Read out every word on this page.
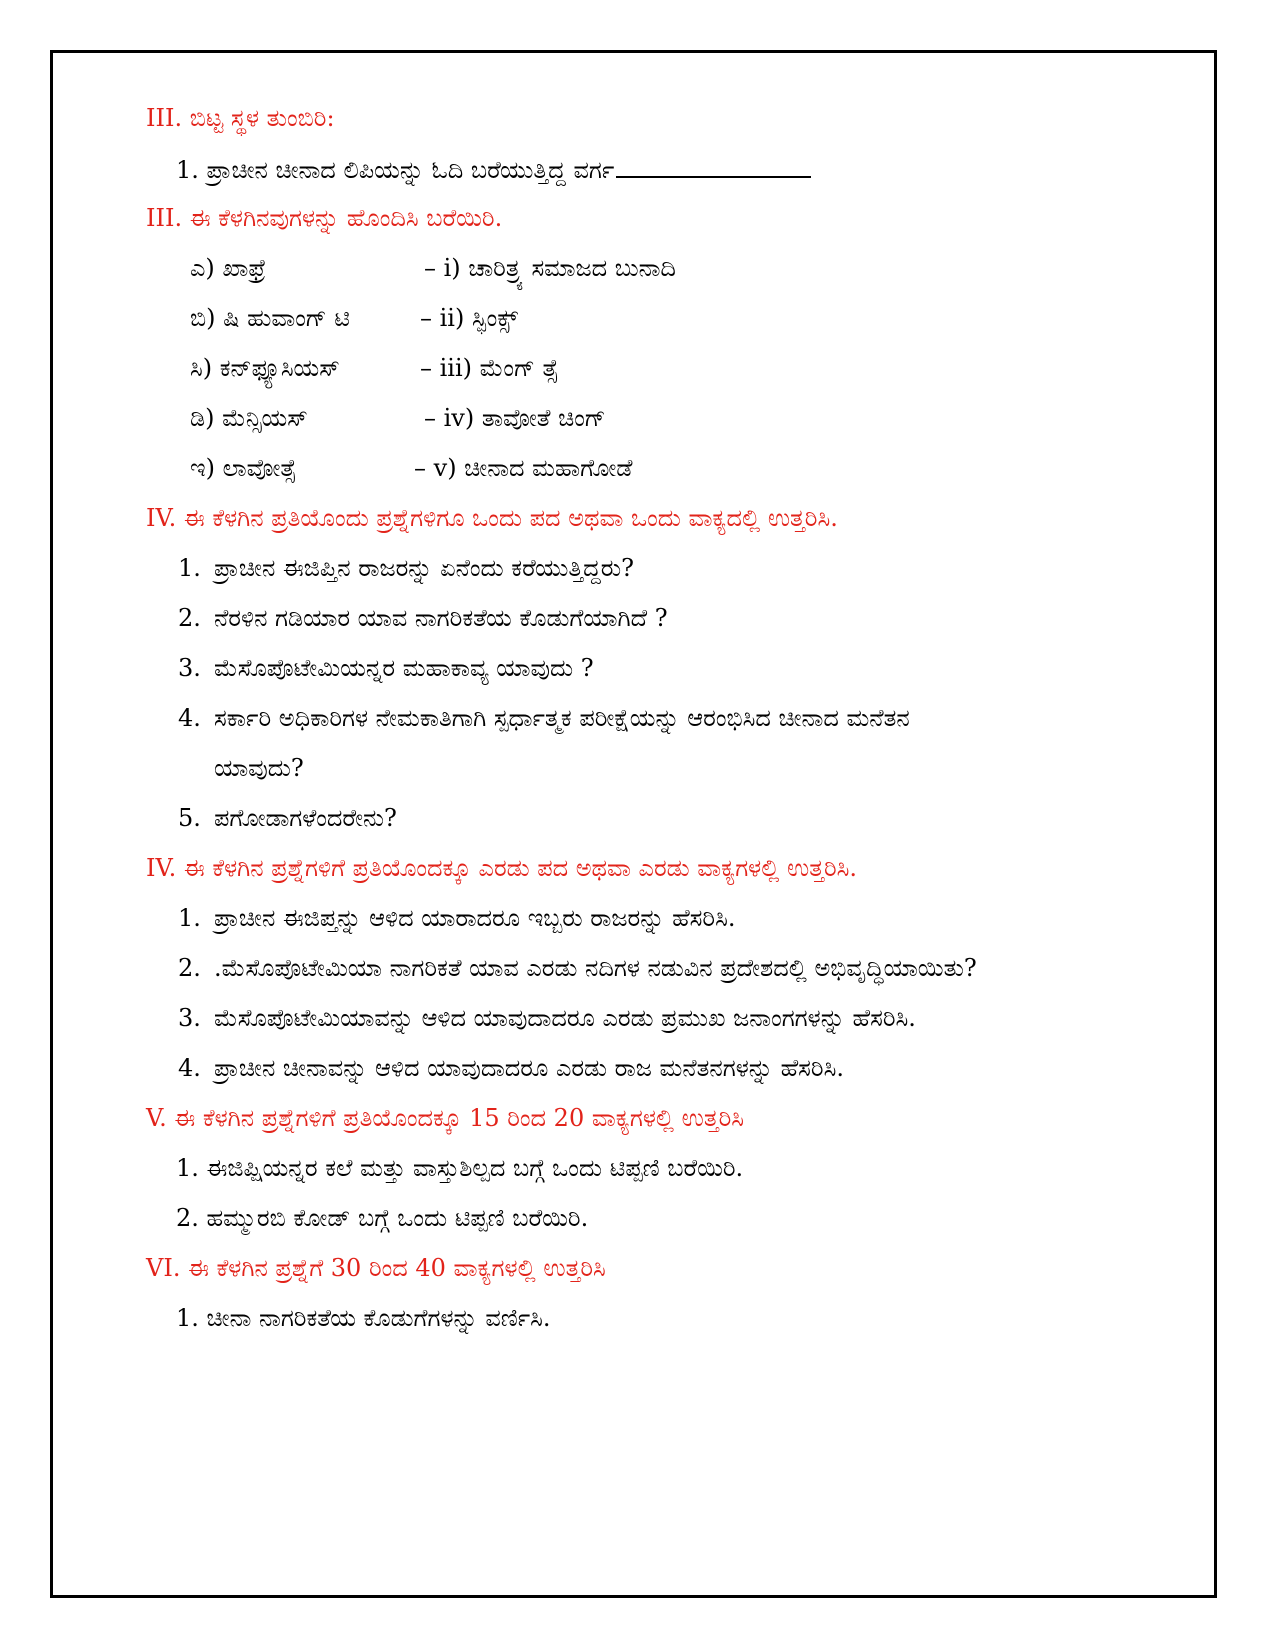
III. ಬಿಟ್ಟ ಸ್ಥಳ ತುಂಬಿರಿ:
1. ಪ್ರಾಚೀನ ಚೀನಾದ ಲಿಪಿಯನ್ನು ಓದಿ ಬರೆಯುತ್ತಿದ್ದ ವರ್ಗ
III. ಈ ಕೆಳಗಿನವುಗಳನ್ನು ಹೊಂದಿಸಿ ಬರೆಯಿರಿ.
ಎ) ಖಾಫ್ರೆ	– i) ಚಾರಿತ್ರ್ಯ ಸಮಾಜದ ಬುನಾದಿ
ಬಿ) ಷಿ ಹುವಾಂಗ್ ಟಿ	– ii) ಸ್ಫಿಂಕ್ಸ್
ಸಿ) ಕನ್‌ಫ್ಯೂಸಿಯಸ್	– iii) ಮೆಂಗ್ ತ್ಸೆ
ಡಿ) ಮೆನ್ಸಿಯಸ್	– iv) ತಾವೋತೆ ಚಿಂಗ್
ಇ) ಲಾವೋತ್ಸೆ	– v) ಚೀನಾದ ಮಹಾಗೋಡೆ
IV. ಈ ಕೆಳಗಿನ ಪ್ರತಿಯೊಂದು ಪ್ರಶ್ನೆಗಳಿಗೂ ಒಂದು ಪದ ಅಥವಾ ಒಂದು ವಾಕ್ಯದಲ್ಲಿ ಉತ್ತರಿಸಿ.
1. ಪ್ರಾಚೀನ ಈಜಿಪ್ತಿನ ರಾಜರನ್ನು ಏನೆಂದು ಕರೆಯುತ್ತಿದ್ದರು?
2. ನೆರಳಿನ ಗಡಿಯಾರ ಯಾವ ನಾಗರಿಕತೆಯ ಕೊಡುಗೆಯಾಗಿದೆ ?
3. ಮೆಸೊಪೊಟೇಮಿಯನ್ನರ ಮಹಾಕಾವ್ಯ ಯಾವುದು ?
4. ಸರ್ಕಾರಿ ಅಧಿಕಾರಿಗಳ ನೇಮಕಾತಿಗಾಗಿ ಸ್ಪರ್ಧಾತ್ಮಕ ಪರೀಕ್ಷೆಯನ್ನು ಆರಂಭಿಸಿದ ಚೀನಾದ ಮನೆತನ
ಯಾವುದು?
5. ಪಗೋಡಾಗಳೆಂದರೇನು?
IV. ಈ ಕೆಳಗಿನ ಪ್ರಶ್ನೆಗಳಿಗೆ ಪ್ರತಿಯೊಂದಕ್ಕೂ ಎರಡು ಪದ ಅಥವಾ ಎರಡು ವಾಕ್ಯಗಳಲ್ಲಿ ಉತ್ತರಿಸಿ.
1. ಪ್ರಾಚೀನ ಈಜಿಪ್ತನ್ನು ಆಳಿದ ಯಾರಾದರೂ ಇಬ್ಬರು ರಾಜರನ್ನು ಹೆಸರಿಸಿ.
2. .ಮೆಸೊಪೊಟೇಮಿಯಾ ನಾಗರಿಕತೆ ಯಾವ ಎರಡು ನದಿಗಳ ನಡುವಿನ ಪ್ರದೇಶದಲ್ಲಿ ಅಭಿವೃದ್ಧಿಯಾಯಿತು?
3. ಮೆಸೊಪೊಟೇಮಿಯಾವನ್ನು ಆಳಿದ ಯಾವುದಾದರೂ ಎರಡು ಪ್ರಮುಖ ಜನಾಂಗಗಳನ್ನು ಹೆಸರಿಸಿ.
4. ಪ್ರಾಚೀನ ಚೀನಾವನ್ನು ಆಳಿದ ಯಾವುದಾದರೂ ಎರಡು ರಾಜ ಮನೆತನಗಳನ್ನು ಹೆಸರಿಸಿ.
V. ಈ ಕೆಳಗಿನ ಪ್ರಶ್ನೆಗಳಿಗೆ ಪ್ರತಿಯೊಂದಕ್ಕೂ 15 ರಿಂದ 20 ವಾಕ್ಯಗಳಲ್ಲಿ ಉತ್ತರಿಸಿ
1. ಈಜಿಪ್ಷಿಯನ್ನರ ಕಲೆ ಮತ್ತು ವಾಸ್ತುಶಿಲ್ಪದ ಬಗ್ಗೆ ಒಂದು ಟಿಪ್ಪಣಿ ಬರೆಯಿರಿ.
2. ಹಮ್ಮುರಬಿ ಕೋಡ್ ಬಗ್ಗೆ ಒಂದು ಟಿಪ್ಪಣಿ ಬರೆಯಿರಿ.
VI. ಈ ಕೆಳಗಿನ ಪ್ರಶ್ನೆಗೆ 30 ರಿಂದ 40 ವಾಕ್ಯಗಳಲ್ಲಿ ಉತ್ತರಿಸಿ
1. ಚೀನಾ ನಾಗರಿಕತೆಯ ಕೊಡುಗೆಗಳನ್ನು ವರ್ಣಿಸಿ.
